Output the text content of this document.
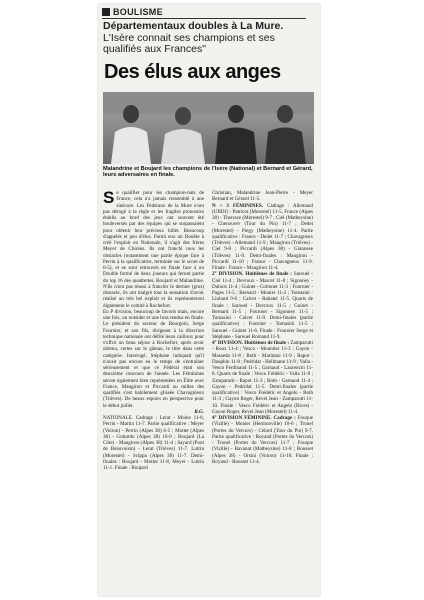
$^{BOULISME}$
Départementaux doubles à La Mure. L'Isère connait ses champions et ses qualifiés aux Frances"
Des élus aux anges
Malandrine et Boujard les champions de l'Isère (National) et Bernard et Gérard, leurs adversaires en finale.

Se qualifier pour les champion-nats de France, cela n'a jamais ressemblé à une sinécure. Les Fédéraux de la Mure n'ont pas dérogé à la règle et les fragiles pronostics établis au bord des jeux ont souvent été bouleversés par des équipes qui se surpassaient pour obtenir leur précieux billet. Beaucoup d'appelés et peu d'élus. Parmi eux un Double à créé l'exploit en Nationale, il s'agit des frères Meyer de Chirens. Ils ont franchi tous les obstacles (notamment une partie épique face à Perrin à la qualificative, terminée sur le score de 6-5), et se sont retrouvés en finale face à un Double formé de deux joueurs qui feront partie du top 16 des quadrettes, Boujard et Malandrine. N'ils n'ont pas réussi à franchir le dernier (gros) obstacle, ils ont malgré tout la sensation d'avoir réalisé un très bel exploit et ils représenteront dignement le comité à Rochefort.

En P division, beaucoup de favoris mais, encore une fois, un outsider et une bras tendus en finale. Le président du secteur de Bourgoin, Serge Fournier, et son fils, dirigeant à la direction technique nationale ont défilé leurs cailloux pour s'offrir un beau séjour à Rochefort, après avoir obtenu, certes sur le gâteau, le titre dans cette catégorie. Interrogé, Stéphane indiquait qu'il n'avait pas encore eu le temps de s'entraîner sérieusement et que ce Fédéral était son deuxième concours de l'année. Les Féminines seront également bien représentées en Élite avec France, Maugiron et Piccardi au milles des qualifiés s'est habilement glissée Chavagnieux (Trièves). De beaux espoirs en perspective pour le début juillet.

R.G.

NATIONALE. Cadrage : Lerat - Moine 11-8, Perrin - Martin 11-7. Partie qualificative : Meyer (Voiron) - Perrin (Alpes 38) 6-5 ; Mottet (Alpes 38) - Gottardo (Alpes 38) 10-9 ; Boujard (La Côte) - Maugiron (Alpes 38) 11-4 ; Sayard (Pont de Beauvoisin) - Lerat (Trièves) 11-7. Lutrin (Morestel) - Scippa (Alpes 38) 11-7. Demi-finales : Boujard - Mottet 11-8, Meyer - Lutrin 11-1. Finale : Boujard

Christian, Malandrine Jean-Pierre - Meyer Bernard et Gérard 11-5.

N + 3 FÉMININES. Cadrage : Allemand (UBDJ) - Patricot (Morestel) 11-5, France (Alpes 38) - Therrace (Morestel) 9-7 ; Ciel (Matheysine) - Chenouver (Tour du Pin) 11-7 ; Dedet (Morestel) - Piegy (Matheysine) 11-4. Partie qualificative : France - Dedet 11-7 ; Chavagneux (Trièves) - Allemand 11-9 ; Maugiron (Trièves) - Ciel 9-8 ; Piccardi (Alpes 38) - Giannese (Trièves) 11-9. Demi-finales : Maugiron - Piccardi 11-10 ; France - Chavagneux 11-9. Finale : France - Maugiron 11-4.

2° DIVISION. Huitièmes de finale : Sarouel - Ciel 11-4 ; Devroux - Marcel 11-8 ; Sigonney - Dubois 11-4 ; Guinet - Cottonet 11-3 ; Fournier - Pages 11-5 ; Bernard - Monier 11-2 ; Tomasini - Liobard 9-6 ; Calvet - Rabatel 11-5. Quarts de finale : Sarouel - Devroux 11-5 ; Guinet - Bernard 11-5 ; Fournier - Sigonney 11-5 ; Tomasini - Calvet 11-9. Demi-finales (partie qualificative) : Fournier - Tomasini 11-5 ; Sarouel - Guinet 11-6. Finale : Fournier Serge et Stéphane - Sarouel Romand 11-9.

4° DIVISION. Huitièmes de finale : Zamparutti - Roux 11-4 ; Vesco - Mountier 11-3 ; Gayon - Masseda 11-8 ; Roth - Maritano 11-9 ; Rapot - Dauphin 11-8 ; Pedridat - Hellmann 11-9 ; Valla - Vesco Ferdinand 11-5 ; Garnaud - Laurencin 11-8. Quarts de finale : Vesco Frédéric - Valla 11-8 ; Zamparutti - Rapot 11-3 ; Roth - Garnaud 11-4 ; Gayon - Pedridat 11-5. Demi-finales (partie qualificative) : Vesco Frédéric et Angelo - Roth 11-3 ; Gayon Roger, Revel Jean - Zamparutti 11-10. Finale : Vesco Frédéric et Angelo (Rives) - Gayon Roger, Revel Jean (Morestel) 11-4.

4° DIVISION FÉMININE. Cadrage : Fouque (Vizille) - Monier (Hermonville) 10-6 ; Tronel (Portes du Vercors) - Célard (Tour du Pin) 9-7. Partie qualificative : Royand (Portes du Vercors) - Tronel (Portes du Vercors) 11-7 ; Fouque (Vizille) - Bavanat (Matheysine) 11-8 ; Rousset (Alpes 38) - Orsini (Voiron) 11-10. Finale : Royand - Rousset 11-4.
